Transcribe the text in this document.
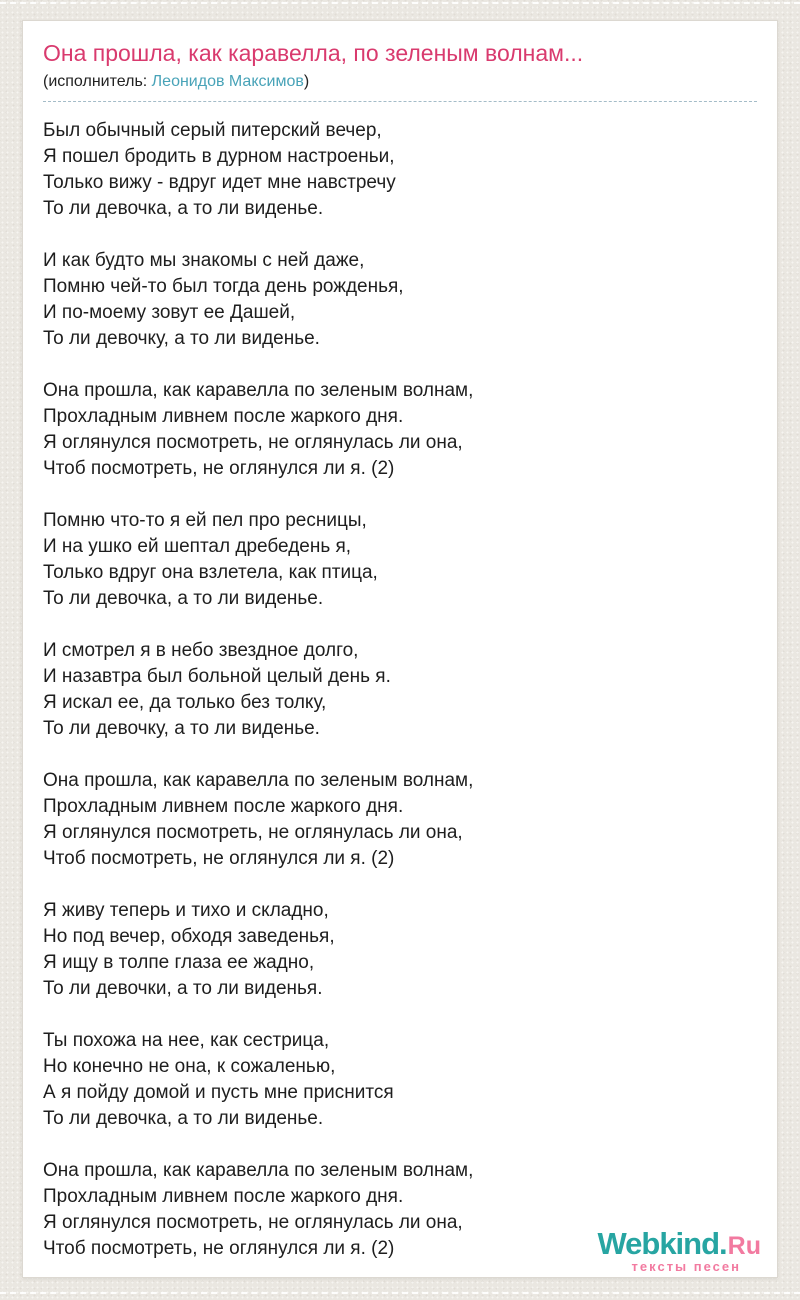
Она прошла, как каравелла, по зеленым волнам...
(исполнитель: Леонидов Максимов)

Был обычный серый питерский вечер,
Я пошел бродить в дурном настроеньи,
Только вижу - вдруг идет мне навстречу
То ли девочка, а то ли виденье.

И как будто мы знакомы с ней даже,
Помню чей-то был тогда день рожденья,
И по-моему зовут ее Дашей,
То ли девочку, а то ли виденье.

Она прошла, как каравелла по зеленым волнам,
Прохладным ливнем после жаркого дня.
Я оглянулся посмотреть, не оглянулась ли она,
Чтоб посмотреть, не оглянулся ли я. (2)

Помню что-то я ей пел про ресницы,
И на ушко ей шептал дребедень я,
Только вдруг она взлетела, как птица,
То ли девочка, а то ли виденье.

И смотрел я в небо звездное долго,
И назавтра был больной целый день я.
Я искал ее, да только без толку,
То ли девочку, а то ли виденье.

Она прошла, как каравелла по зеленым волнам,
Прохладным ливнем после жаркого дня.
Я оглянулся посмотреть, не оглянулась ли она,
Чтоб посмотреть, не оглянулся ли я. (2)

Я живу теперь и тихо и складно,
Но под вечер, обходя заведенья,
Я ищу в толпе глаза ее жадно,
То ли девочки, а то ли виденья.

Ты похожа на нее, как сестрица,
Но конечно не она, к сожаленью,
А я пойду домой и пусть мне приснится
То ли девочка, а то ли виденье.

Она прошла, как каравелла по зеленым волнам,
Прохладным ливнем после жаркого дня.
Я оглянулся посмотреть, не оглянулась ли она,
Чтоб посмотреть, не оглянулся ли я. (2)	Webkind.Ru
тексты песен
